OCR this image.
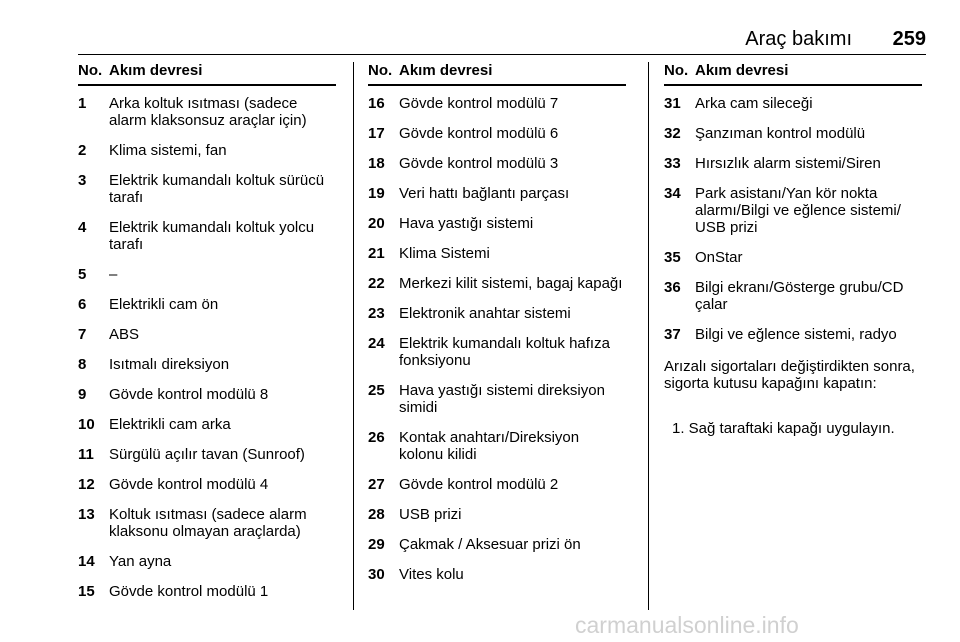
Araç bakımı 259
No. Akım devresi
1	Arka koltuk ısıtması (sadece alarm klaksonsuz araçlar için)
2	Klima sistemi, fan
3	Elektrik kumandalı koltuk sürücü tarafı
4	Elektrik kumandalı koltuk yolcu tarafı
5	–
6	Elektrikli cam ön
7	ABS
8	Isıtmalı direksiyon
9	Gövde kontrol modülü 8
10 Elektrikli cam arka
11	Sürgülü açılır tavan (Sunroof)
12 Gövde kontrol modülü 4
13 Koltuk ısıtması (sadece alarm klaksonu olmayan araçlarda)
14 Yan ayna
15 Gövde kontrol modülü 1
No. Akım devresi
16 Gövde kontrol modülü 7
17 Gövde kontrol modülü 6
18 Gövde kontrol modülü 3
19 Veri hattı bağlantı parçası
20 Hava yastığı sistemi
21 Klima Sistemi
22 Merkezi kilit sistemi, bagaj kapağı
23 Elektronik anahtar sistemi
24 Elektrik kumandalı koltuk hafıza fonksiyonu
25 Hava yastığı sistemi direksiyon simidi
26 Kontak anahtarı/Direksiyon kolonu kilidi
27 Gövde kontrol modülü 2
28 USB prizi
29 Çakmak / Aksesuar prizi ön
30 Vites kolu
No. Akım devresi
31 Arka cam sileceği
32 Şanzıman kontrol modülü
33 Hırsızlık alarm sistemi/Siren
34 Park asistanı/Yan kör nokta alarmı/Bilgi ve eğlence sistemi/ USB prizi
35 OnStar
36 Bilgi ekranı/Gösterge grubu/CD çalar
37 Bilgi ve eğlence sistemi, radyo
Arızalı sigortaları değiştirdikten sonra, sigorta kutusu kapağını kapatın:
1. Sağ taraftaki kapağı uygulayın.
carmanualsonline.info
